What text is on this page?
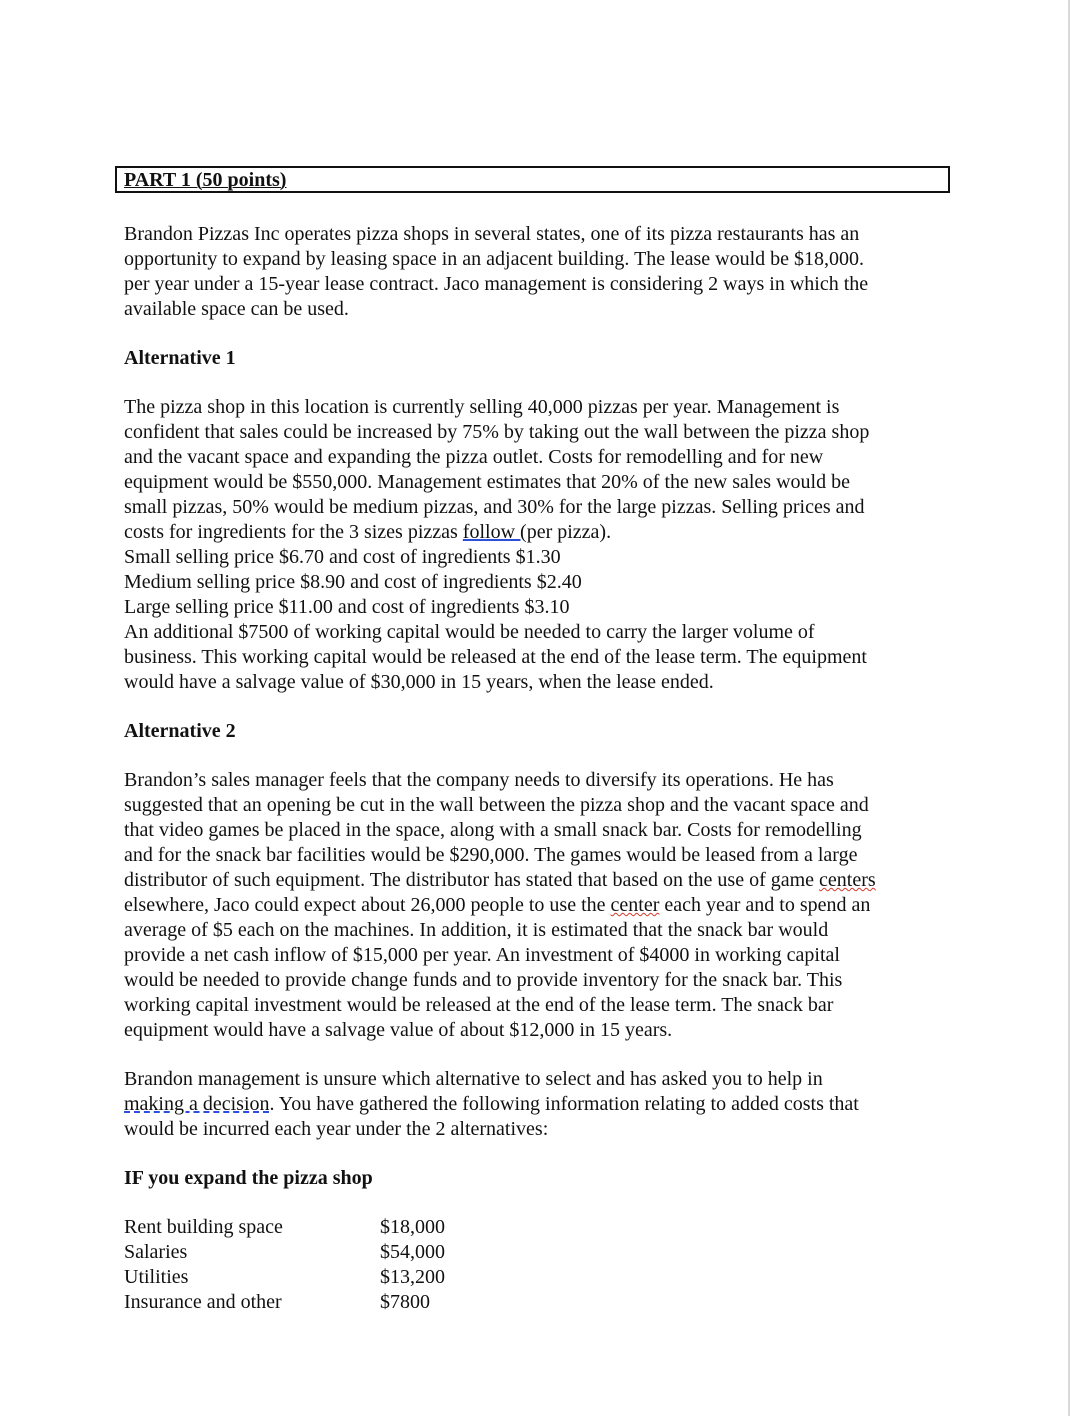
PART 1 (50 points)

Brandon Pizzas Inc operates pizza shops in several states, one of its pizza restaurants has an
opportunity to expand by leasing space in an adjacent building. The lease would be $18,000.
per year under a 15-year lease contract. Jaco management is considering 2 ways in which the
available space can be used.

Alternative 1

The pizza shop in this location is currently selling 40,000 pizzas per year. Management is
confident that sales could be increased by 75% by taking out the wall between the pizza shop
and the vacant space and expanding the pizza outlet. Costs for remodelling and for new
equipment would be $550,000. Management estimates that 20% of the new sales would be
small pizzas, 50% would be medium pizzas, and 30% for the large pizzas. Selling prices and
costs for ingredients for the 3 sizes pizzas follow (per pizza).
Small selling price $6.70 and cost of ingredients $1.30
Medium selling price $8.90 and cost of ingredients $2.40
Large selling price $11.00 and cost of ingredients $3.10
An additional $7500 of working capital would be needed to carry the larger volume of
business. This working capital would be released at the end of the lease term. The equipment
would have a salvage value of $30,000 in 15 years, when the lease ended.

Alternative 2

Brandon’s sales manager feels that the company needs to diversify its operations. He has
suggested that an opening be cut in the wall between the pizza shop and the vacant space and
that video games be placed in the space, along with a small snack bar. Costs for remodelling
and for the snack bar facilities would be $290,000. The games would be leased from a large
distributor of such equipment. The distributor has stated that based on the use of game centers
elsewhere, Jaco could expect about 26,000 people to use the center each year and to spend an
average of $5 each on the machines. In addition, it is estimated that the snack bar would
provide a net cash inflow of $15,000 per year. An investment of $4000 in working capital
would be needed to provide change funds and to provide inventory for the snack bar. This
working capital investment would be released at the end of the lease term. The snack bar
equipment would have a salvage value of about $12,000 in 15 years.

Brandon management is unsure which alternative to select and has asked you to help in
making a decision. You have gathered the following information relating to added costs that
would be incurred each year under the 2 alternatives:

IF you expand the pizza shop

Rent building space	$18,000
Salaries	$54,000
Utilities	$13,200
Insurance and other	$7800
